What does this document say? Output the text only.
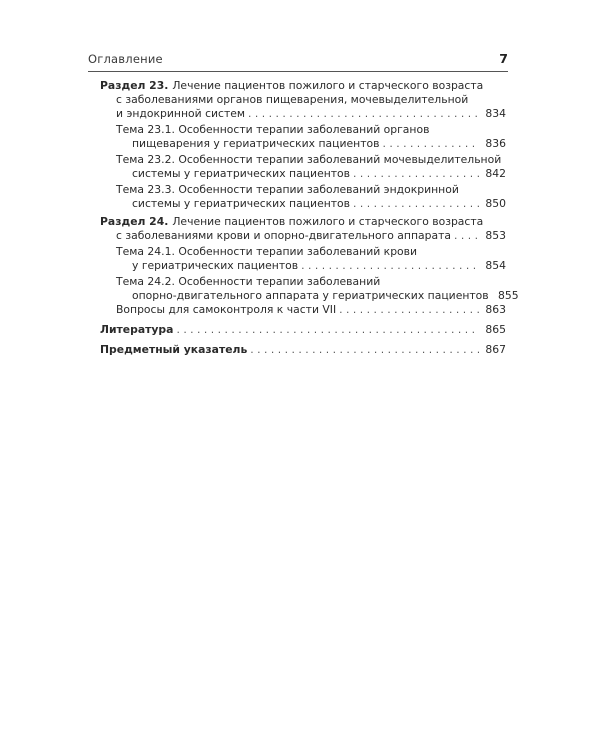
Оглавление	7
Раздел 23. Лечение пациентов пожилого и старческого возраста
с заболеваниями органов пищеварения, мочевыделительной
и эндокринной систем . . .	834
Тема 23.1. Особенности терапии заболеваний органов
пищеварения у гериатрических пациентов . . .	836
Тема 23.2. Особенности терапии заболеваний мочевыделительной
системы у гериатрических пациентов . . .	842
Тема 23.3. Особенности терапии заболеваний эндокринной
системы у гериатрических пациентов . . .	850
Раздел 24. Лечение пациентов пожилого и старческого возраста
с заболеваниями крови и опорно-двигательного аппарата . . .	853
Тема 24.1. Особенности терапии заболеваний крови
у гериатрических пациентов . . .	854
Тема 24.2. Особенности терапии заболеваний
опорно-двигательного аппарата у гериатрических пациентов 855
Вопросы для самоконтроля к части VII . . .	863
Литература . . .	865
Предметный указатель . . .	867
